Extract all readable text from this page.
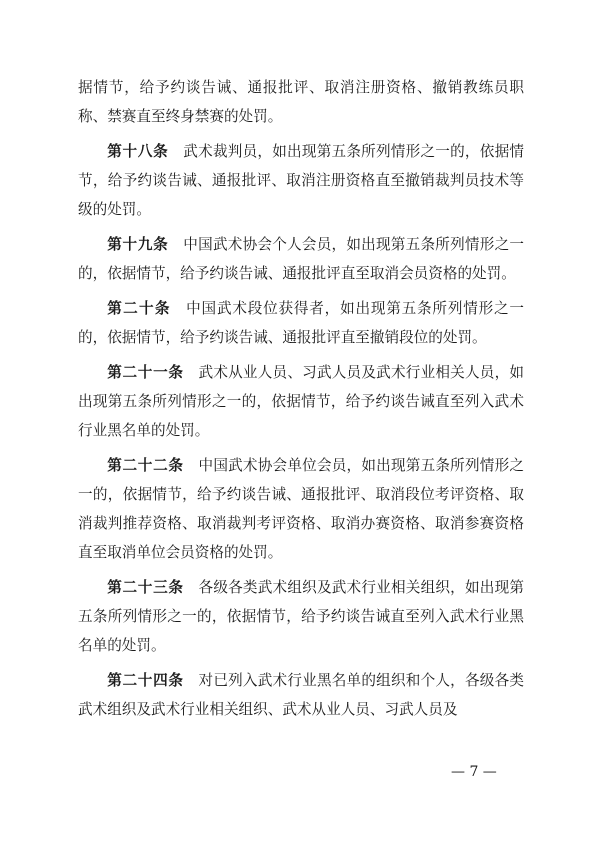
据情节，给予约谈告诫、通报批评、取消注册资格、撤销教练员职称、禁赛直至终身禁赛的处罚。

第十八条 武术裁判员，如出现第五条所列情形之一的，依据情节，给予约谈告诫、通报批评、取消注册资格直至撤销裁判员技术等级的处罚。

第十九条 中国武术协会个人会员，如出现第五条所列情形之一的，依据情节，给予约谈告诫、通报批评直至取消会员资格的处罚。

第二十条 中国武术段位获得者，如出现第五条所列情形之一的，依据情节，给予约谈告诫、通报批评直至撤销段位的处罚。

第二十一条 武术从业人员、习武人员及武术行业相关人员，如出现第五条所列情形之一的，依据情节，给予约谈告诫直至列入武术行业黑名单的处罚。

第二十二条 中国武术协会单位会员，如出现第五条所列情形之一的，依据情节，给予约谈告诫、通报批评、取消段位考评资格、取消裁判推荐资格、取消裁判考评资格、取消办赛资格、取消参赛资格直至取消单位会员资格的处罚。

第二十三条 各级各类武术组织及武术行业相关组织，如出现第五条所列情形之一的，依据情节，给予约谈告诫直至列入武术行业黑名单的处罚。

第二十四条 对已列入武术行业黑名单的组织和个人，各级各类武术组织及武术行业相关组织、武术从业人员、习武人员及

— 7 —
